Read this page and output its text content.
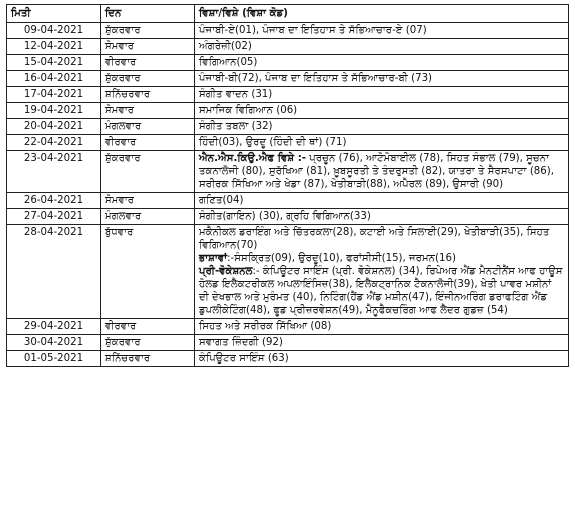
ਮਿਤੀ	ਦਿਨ	ਵਿਸ਼ਾ/ਵਿਸ਼ੇ (ਵਿਸ਼ਾ ਕੋਡ)
09-04-2021	ਸ਼ੁੱਕਰਵਾਰ	ਪੰਜਾਬੀ-ਏ(01), ਪੰਜਾਬ ਦਾ ਇਤਿਹਾਸ ਤੇ ਸੱਭਿਆਚਾਰ-ਏ (07)
12-04-2021	ਸੋਮਵਾਰ	ਅੰਗਰੇਜ਼ੀ(02)
15-04-2021	ਵੀਰਵਾਰ	ਵਿਗਿਆਨ(05)
16-04-2021	ਸ਼ੁੱਕਰਵਾਰ	ਪੰਜਾਬੀ-ਬੀ(72), ਪੰਜਾਬ ਦਾ ਇਤਿਹਾਸ ਤੇ ਸੱਭਿਆਚਾਰ-ਬੀ (73)
17-04-2021	ਸ਼ਨਿੱਚਰਵਾਰ	ਸੰਗੀਤ ਵਾਦਨ (31)
19-04-2021	ਸੋਮਵਾਰ	ਸਮਾਜਿਕ ਵਿਗਿਆਨ (06)
20-04-2021	ਮੰਗਲਵਾਰ	ਸੰਗੀਤ ਤਬਲਾ (32)
22-04-2021	ਵੀਰਵਾਰ	ਹਿੰਦੀ(03), ਉਰਦੂ (ਹਿੰਦੀ ਦੀ ਥਾਂ) (71)
23-04-2021	ਸ਼ੁੱਕਰਵਾਰ	ਐਨ.ਐਸ.ਕਿਉ.ਐਫ ਵਿਸ਼ੇ :- ਪ੍ਰਚੂਨ (76), ਆਟੋਮੋਬਾਈਲ (78), ਸਿਹਤ ਸੰਭਾਲ (79), ਸੂਚਨਾ ਤਕਨਾਲੋਜੀ (80), ਸੁਰੱਖਿਆ (81), ਖ਼ੂਬਸੂਰਤੀ ਤੇ ਤੰਦਰੁਸਤੀ (82), ਯਾਤਰਾ ਤੇ ਸੈਰਸਪਾਟਾ (86), ਸਰੀਰਕ ਸਿੱਖਿਆ ਅਤੇ ਖੇਡਾ (87), ਖੇਤੀਬਾੜੀ(88), ਅਪੈਰਲ (89), ਉਸਾਰੀ (90)
26-04-2021	ਸੋਮਵਾਰ	ਗਣਿਤ(04)
27-04-2021	ਮੰਗਲਵਾਰ	ਸੰਗੀਤ(ਗਾਇਨ) (30), ਗ੍ਰਹਿ ਵਿਗਿਆਨ(33)
28-04-2021	ਬੁੱਧਵਾਰ	ਮਕੈਨੀਕਲ ਡਰਾਇੰਗ ਅਤੇ ਚਿੱਤਰਕਲਾ(28), ਕਟਾਈ ਅਤੇ ਸਿਲਾਈ(29), ਖੇਤੀਬਾੜੀ(35), ਸਿਹਤ ਵਿਗਿਆਨ(70)
ਭਾਸ਼ਾਵਾਂ:-ਸੰਸਕ੍ਰਿਤ(09), ਉਰਦੂ(10), ਫਰਾਂਸੀਸੀ(15), ਜਰਮਨ(16)
ਪ੍ਰੀ-ਵੋਕੇਸ਼ਨਲ:- ਕੰਪਿਊਟਰ ਸਾਇੰਸ (ਪ੍ਰੀ. ਵੋਕੇਸ਼ਨਲ) (34), ਰਿਪੇਅਰ ਐਂਡ ਮੈਨਟੀਨੈਂਸ ਆਫ ਹਾਊਸ ਹੋਲਡ ਇਲੈਕਟਰੀਕਲ ਅਪਲਾਇੰਸਿਜ਼(38), ਇਲੈਕਟ੍ਰਾਨਿਕ ਟੈਕਨਾਲੋਜੀ(39), ਖੇਤੀ ਪਾਵਰ ਮਸ਼ੀਨਾਂ ਦੀ ਦੇਖਭਾਲ ਅਤੇ ਮੁਰੰਮਤ (40), ਨਿਟਿੰਗ(ਹੈਂਡ ਐਂਡ ਮਸ਼ੀਨ(47), ਇੰਜੀਨਅਰਿੰਗ ਡਰਾਫਟਿੰਗ ਐਂਡ ਡੁਪਲੀਕੇਟਿੰਗ(48), ਫੂਡ ਪ੍ਰੀਜ਼ਰਵੇਸ਼ਨ(49), ਮੈਨੂਫੈਕਚਰਿੰਗ ਆਫ ਲੈਦਰ ਗੁਡਜ਼ (54)

29-04-2021	ਵੀਰਵਾਰ	ਸਿਹਤ ਅਤੇ ਸਰੀਰਕ ਸਿੱਖਿਆ (08)
30-04-2021	ਸ਼ੁੱਕਰਵਾਰ	ਸਵਾਗਤ ਜ਼ਿੰਦਗੀ (92)
01-05-2021	ਸ਼ਨਿੱਚਰਵਾਰ	ਕੰਪਿਊਟਰ ਸਾਇੰਸ (63)
